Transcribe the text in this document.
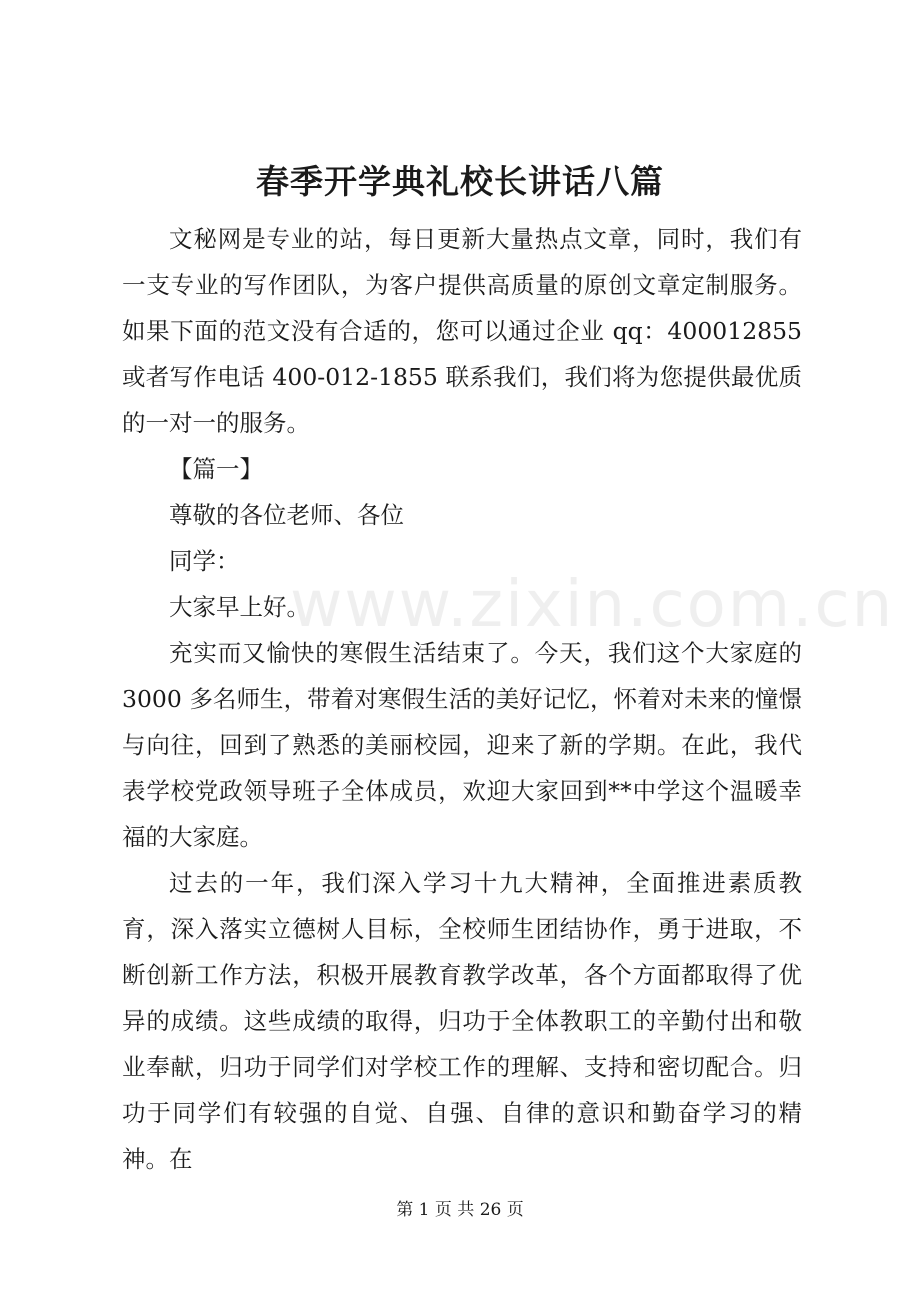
www.zixin.com.cn
春季开学典礼校长讲话八篇

文秘网是专业的站，每日更新大量热点文章，同时，我们有一支专业的写作团队，为客户提供高质量的原创文章定制服务。如果下面的范文没有合适的，您可以通过企业 qq：400012855 或者写作电话 400-012-1855 联系我们，我们将为您提供最优质的一对一的服务。

【篇一】

尊敬的各位老师、各位

同学：

大家早上好。

充实而又愉快的寒假生活结束了。今天，我们这个大家庭的3000 多名师生，带着对寒假生活的美好记忆，怀着对未来的憧憬与向往，回到了熟悉的美丽校园，迎来了新的学期。在此，我代表学校党政领导班子全体成员，欢迎大家回到**中学这个温暖幸福的大家庭。

过去的一年，我们深入学习十九大精神，全面推进素质教育，深入落实立德树人目标，全校师生团结协作，勇于进取，不断创新工作方法，积极开展教育教学改革，各个方面都取得了优异的成绩。这些成绩的取得，归功于全体教职工的辛勤付出和敬业奉献，归功于同学们对学校工作的理解、支持和密切配合。归功于同学们有较强的自觉、自强、自律的意识和勤奋学习的精神。在

第 1 页 共 26 页
